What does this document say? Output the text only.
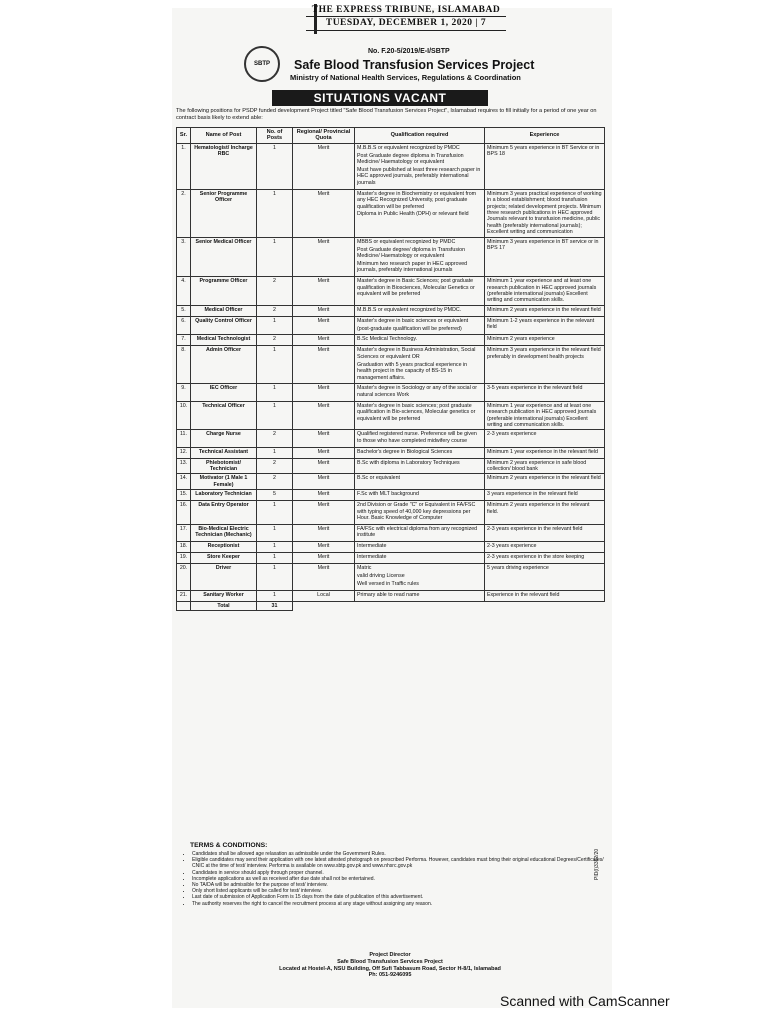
THE EXPRESS TRIBUNE, ISLAMABAD
TUESDAY, DECEMBER 1, 2020 | 7
SBTP
No. F.20-5/2019/E-I/SBTP
Safe Blood Transfusion Services Project
Ministry of National Health Services, Regulations & Coordination
SITUATIONS VACANT
The following positions for PSDP funded development Project titled "Safe Blood Transfusion Services Project", Islamabad requires to fill initially for a period of one year on contract basis likely to extend able:
Sr.	Name of Post	No. of Posts	Regional/ Provincial Quota	Qualification required	Experience
1.	Hematologist/ Incharge RBC	1	Merit	M.B.B.S or equivalent recognized by PMDC

Post Graduate degree diploma in Transfusion Medicine/ Haematology or equivalent

Must have published at least three research paper in HEC approved journals, preferably international journals	Minimum 5 years experience in BT Service or in BPS 18
2.	Senior Programme Officer	1	Merit	Master's degree in Biochemistry or equivalent from any HEC Recognized University, post graduate qualification will be preferred

Diploma in Public Health (DPH) or relevant field	Minimum 3 years practical experience of working in a blood establishment; blood transfusion projects; related development projects. Minimum three research publications in HEC approved Journals relevant to transfusion medicine, public health (preferably international journals); Excellent writing and communication
3.	Senior Medical Officer	1	Merit	MBBS or equivalent recognized by PMDC

Post Graduate degree/ diploma in Transfusion Medicine/ Haematology or equivalent

Minimum two research paper in HEC approved journals, preferably international journals	Minimum 3 years experience in BT service or in BPS 17
4.	Programme Officer	2	Merit	Master's degree in Basic Sciences; post graduate qualification in Biosciences, Molecular Genetics or equivalent will be preferred	Minimum 1 year experience and at least one research publication in HEC approved journals (preferable international journals) Excellent writing and communication skills.
5.	Medical Officer	2	Merit	M.B.B.S or equivalent recognized by PMDC.	Minimum 2 years experience in the relevant field
6.	Quality Control Officer	1	Merit	Master's degree in basic sciences or equivalent

(post-graduate qualification will be preferred)	Minimum 1-2 years experience in the relevant field
7.	Medical Technologist	2	Merit	B.Sc Medical Technology.	Minimum 2 years experience
8.	Admin Officer	1	Merit	Master's degree in Business Administration, Social Sciences or equivalent OR

Graduation with 5 years practical experience in health project in the capacity of BS-15 in management affairs.	Minimum 3 years experience in the relevant field preferably in development health projects
9.	IEC Officer	1	Merit	Master's degree in Sociology or any of the social or natural sciences Work	3-5 years experience in the relevant field
10.	Technical Officer	1	Merit	Master's degree in basic sciences; post graduate qualification in Bio-sciences, Molecular genetics or equivalent will be preferred	Minimum 1 year experience and at least one research publication in HEC approved journals (preferable international journals) Excellent writing and communication skills.
11.	Charge Nurse	2	Merit	Qualified registered nurse. Preference will be given to those who have completed midwifery course	2-3 years experience
12.	Technical Assistant	1	Merit	Bachelor's degree in Biological Sciences	Minimum 1 year experience in the relevant field
13.	Phlebotomist/ Technician	2	Merit	B.Sc with diploma in Laboratory Techniques	Minimum 2 years experience in safe blood collection/ blood bank
14.	Motivator (1 Male 1 Female)	2	Merit	B.Sc or equivalent	Minimum 2 years experience in the relevant field
15.	Laboratory Technician	5	Merit	F.Sc with MLT background	3 years experience in the relevant field
16.	Data Entry Operator	1	Merit	2nd Division or Grade "C" or Equivalent in FA/FSC with typing speed of 40,000 key depressions per Hour. Basic Knowledge of Computer	Minimum 2 years experience in the relevant field.
17.	Bio-Medical Electric Technician (Mechanic)	1	Merit	FA/FSc with electrical diploma from any recognized institute	2-3 years experience in the relevant field
18.	Receptionist	1	Merit	Intermediate	2-3 years experience
19.	Store Keeper	1	Merit	Intermediate	2-3 years experience in the store keeping
20.	Driver	1	Merit	Matric

valid driving License

Well versed in Traffic rules	5 years driving experience
21.	Sanitary Worker	1	Local	Primary able to read name	Experience in the relevant field
	Total	31			
TERMS & CONDITIONS:
• Candidates shall be allowed age relaxation as admissible under the Government Rules.
• Eligible candidates may send their application with one latest attested photograph on prescribed Performa. However, candidates must bring their original educational Degrees/Certificates/ CNIC at the time of test/ interview. Performa is available on www.sbtp.gov.pk and www.nhsrc.gov.pk
• Candidates in service should apply through proper channel.
• Incomplete applications as well as received after due date shall not be entertained.
• No TA/DA will be admissible for the purpose of test/ interview.
• Only short listed applicants will be called for test/ interview.
• Last date of submission of Application Form is 15 days from the date of publication of this advertisement.
• The authority reserves the right to cancel the recruitment process at any stage without assigning any reason.
Project Director
Safe Blood Transfusion Services Project
Located at Hostel-A, NSU Building, Off Sufi Tabbasum Road, Sector H-8/1, Islamabad
Ph: 051-9246095
PID(I)3362/20
Scanned with CamScanner
